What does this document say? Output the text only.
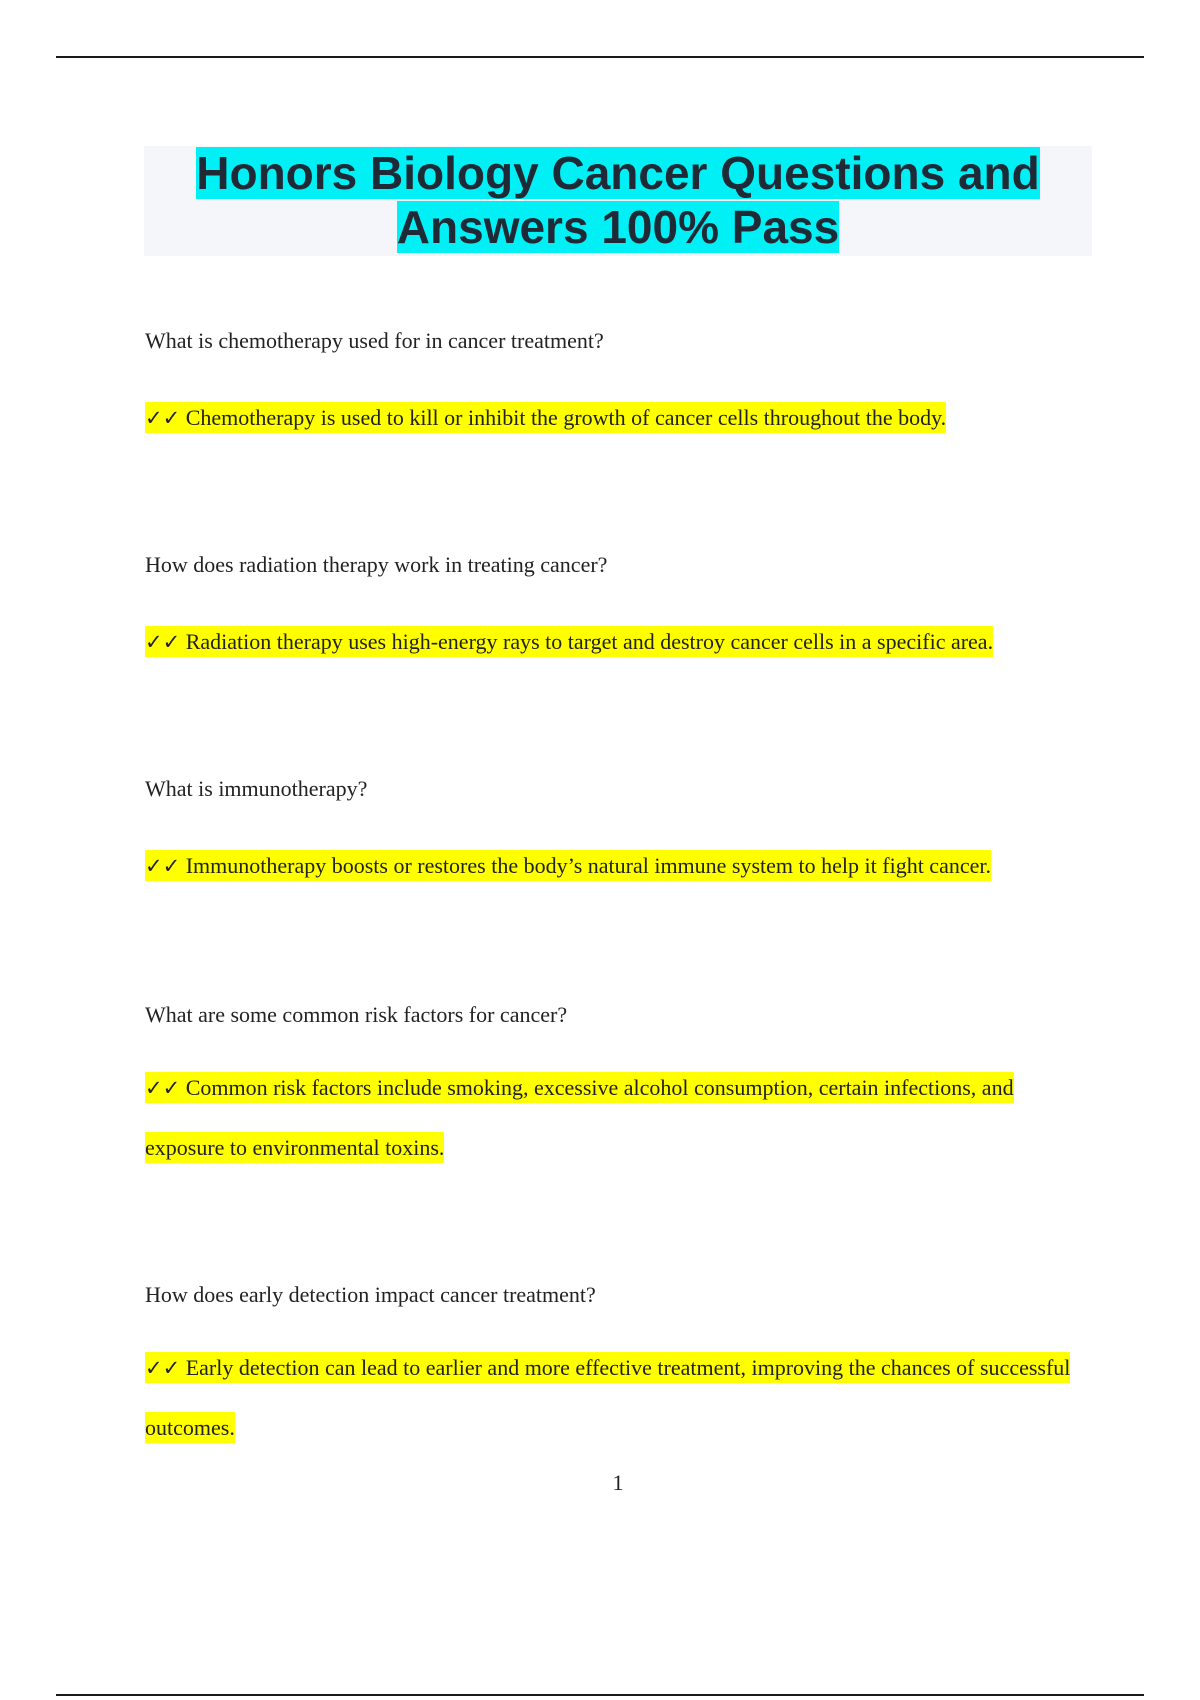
Honors Biology Cancer Questions and
Answers 100% Pass

What is chemotherapy used for in cancer treatment?

✓✓ Chemotherapy is used to kill or inhibit the growth of cancer cells throughout the body.

How does radiation therapy work in treating cancer?

✓✓ Radiation therapy uses high-energy rays to target and destroy cancer cells in a specific area.

What is immunotherapy?

✓✓ Immunotherapy boosts or restores the body’s natural immune system to help it fight cancer.

What are some common risk factors for cancer?

✓✓ Common risk factors include smoking, excessive alcohol consumption, certain infections, and exposure to environmental toxins.

How does early detection impact cancer treatment?

✓✓ Early detection can lead to earlier and more effective treatment, improving the chances of successful outcomes.

1
